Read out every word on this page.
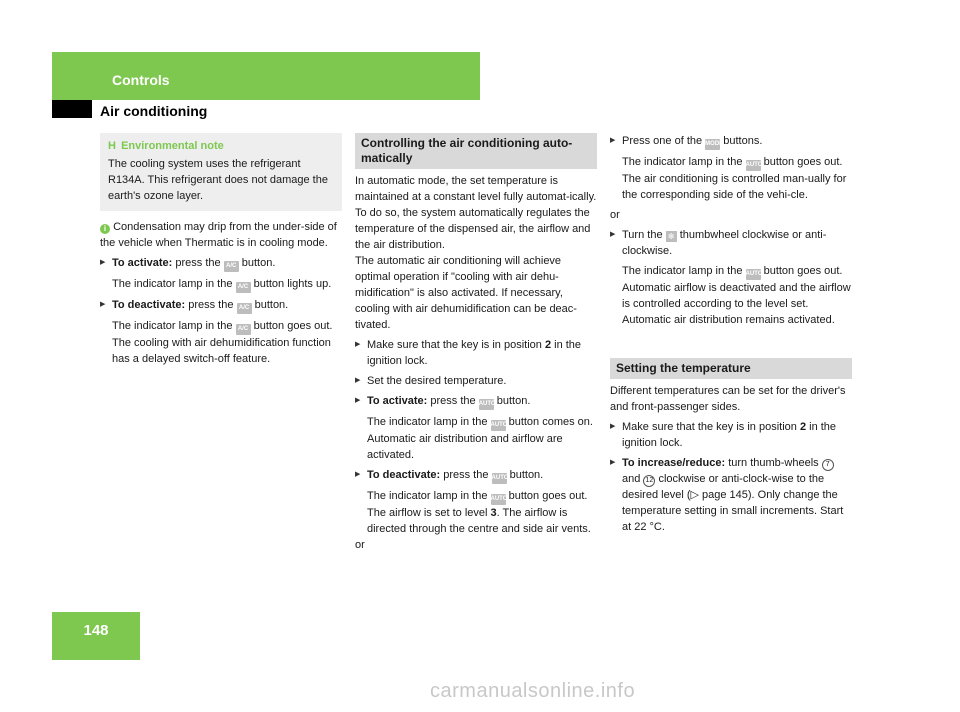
Controls
Air conditioning
148
H Environmental note

The cooling system uses the refrigerant R134A. This refrigerant does not damage the earth's ozone layer.

i Condensation may drip from the under-side of the vehicle when Thermatic is in cooling mode.

▶ To activate: press the A/C button.

The indicator lamp in the A/C button lights up.

▶ To deactivate: press the A/C button.

The indicator lamp in the A/C button goes out. The cooling with air dehumidification function has a delayed switch-off feature.

Controlling the air conditioning auto-matically

In automatic mode, the set temperature is maintained at a constant level fully automat-ically. To do so, the system automatically regulates the temperature of the dispensed air, the airflow and the air distribution.

The automatic air conditioning will achieve optimal operation if "cooling with air dehu-midification" is also activated. If necessary, cooling with air dehumidification can be deac-tivated.

▶ Make sure that the key is in position 2 in the ignition lock.

▶ Set the desired temperature.

▶ To activate: press the AUTO button.

The indicator lamp in the AUTO button comes on. Automatic air distribution and airflow are activated.

▶ To deactivate: press the AUTO button.

The indicator lamp in the AUTO button goes out. The airflow is set to level 3. The airflow is directed through the centre and side air vents.

or

▶ Press one of the MODE buttons.

The indicator lamp in the AUTO button goes out. The air conditioning is controlled man-ually for the corresponding side of the vehi-cle.

or

▶ Turn the ✻ thumbwheel clockwise or anti-clockwise.

The indicator lamp in the AUTO button goes out. Automatic airflow is deactivated and the airflow is controlled according to the level set. Automatic air distribution remains activated.

Setting the temperature

Different temperatures can be set for the driver's and front-passenger sides.

▶ Make sure that the key is in position 2 in the ignition lock.

▶ To increase/reduce: turn thumb-wheels 7 and 12 clockwise or anti-clock-wise to the desired level (▷ page 145). Only change the temperature setting in small increments. Start at 22 °C.

carmanualsonline.info
